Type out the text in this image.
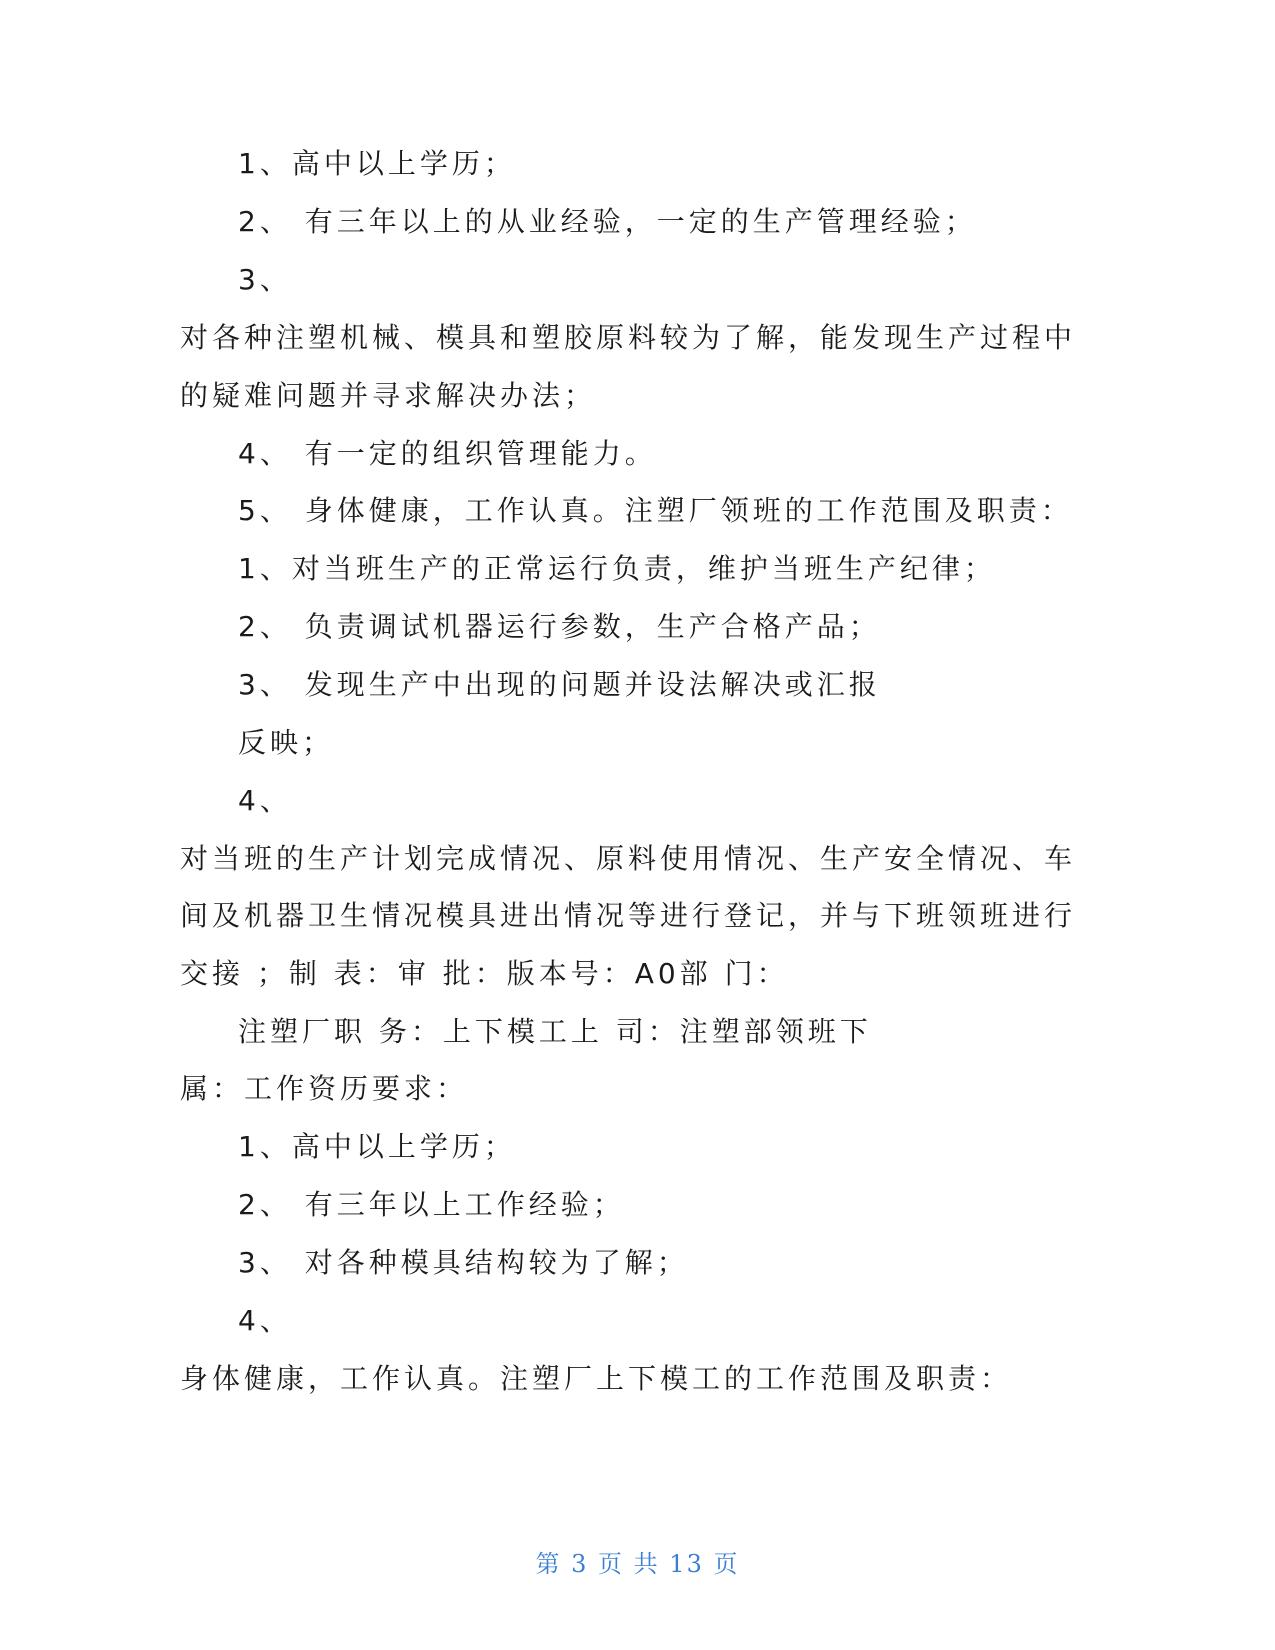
1、高中以上学历；
2、 有三年以上的从业经验，一定的生产管理经验；
3、
对各种注塑机械、模具和塑胶原料较为了解，能发现生产过程中
的疑难问题并寻求解决办法；
4、 有一定的组织管理能力。
5、 身体健康，工作认真。注塑厂领班的工作范围及职责：
1、对当班生产的正常运行负责，维护当班生产纪律；
2、 负责调试机器运行参数，生产合格产品；
3、 发现生产中出现的问题并设法解决或汇报
反映；
4、
对当班的生产计划完成情况、原料使用情况、生产安全情况、车
间及机器卫生情况模具进出情况等进行登记，并与下班领班进行
交接 ；制 表：审 批：版本号：A0部 门：
注塑厂职 务：上下模工上 司：注塑部领班下
属：工作资历要求：
1、高中以上学历；
2、 有三年以上工作经验；
3、 对各种模具结构较为了解；
4、
身体健康，工作认真。注塑厂上下模工的工作范围及职责：
第 3 页 共 13 页
